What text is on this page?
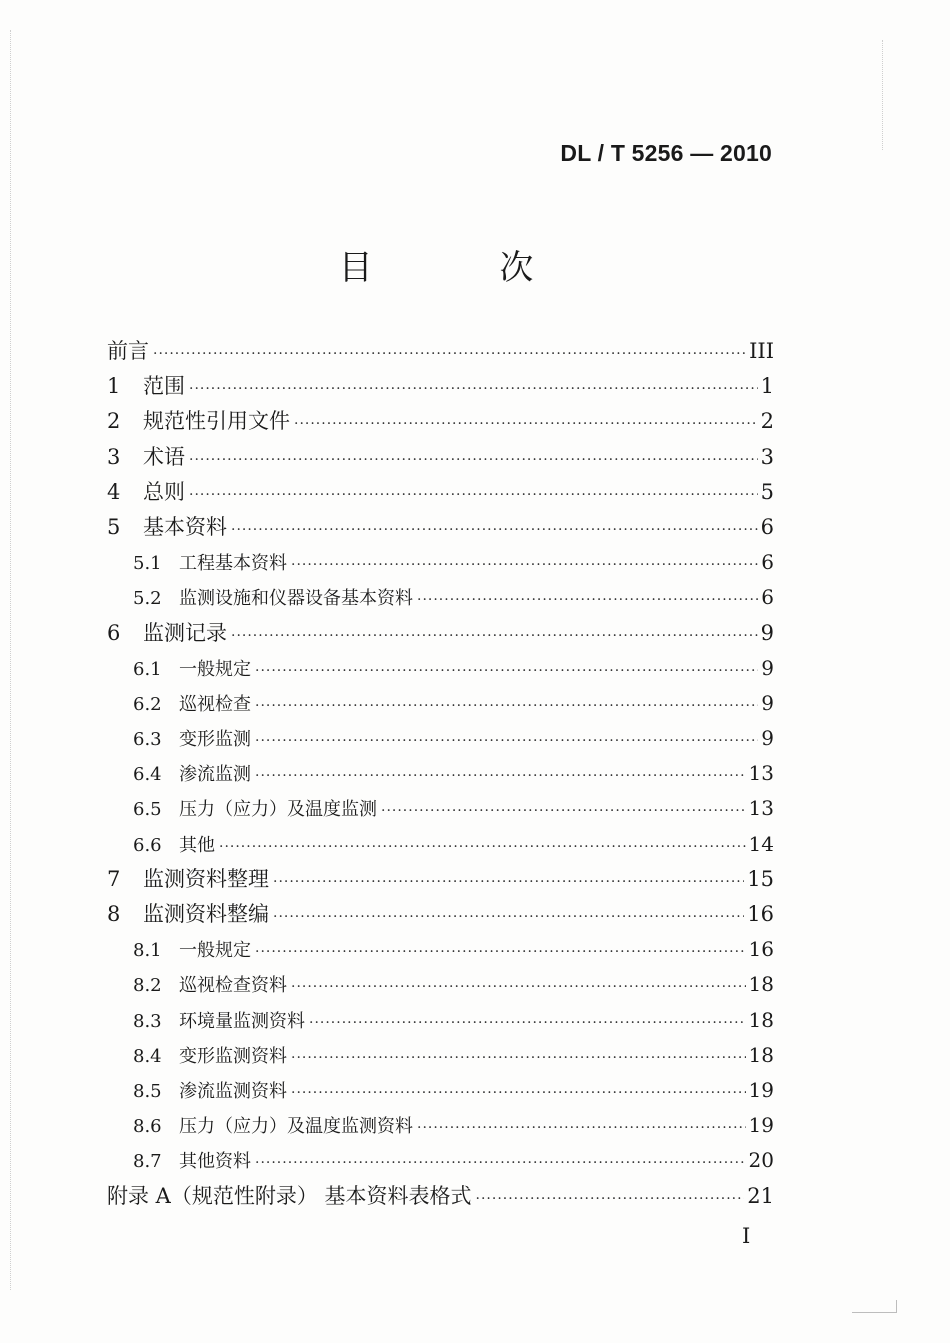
DL / T 5256 — 2010
目 次
前言 ·····	III
1	范围 ·····	1
2	规范性引用文件 ·····	2
3	术语 ·····	3
4	总则 ·····	5
5	基本资料 ·····	6
5.1 工程基本资料 ·····	6
5.2 监测设施和仪器设备基本资料 ·····	6
6	监测记录 ·····	9
6.1 一般规定 ·····	9
6.2 巡视检查 ·····	9
6.3 变形监测 ·····	9
6.4 渗流监测 ·····	13
6.5 压力（应力）及温度监测 ·····	13
6.6 其他 ·····	14
7	监测资料整理 ·····	15
8	监测资料整编 ·····	16
8.1 一般规定 ·····	16
8.2 巡视检查资料 ·····	18
8.3 环境量监测资料 ·····	18
8.4 变形监测资料 ·····	18
8.5 渗流监测资料 ·····	19
8.6 压力（应力）及温度监测资料 ·····	19
8.7 其他资料 ·····	20
附录 A（规范性附录） 基本资料表格式 ·····	21
I
